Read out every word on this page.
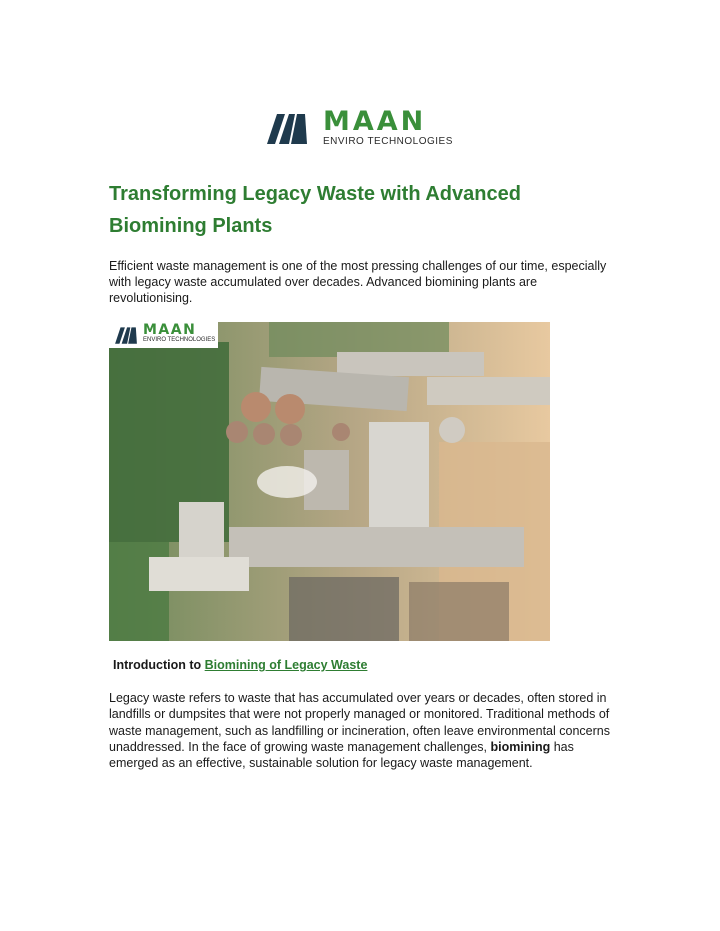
MAAN
ENVIRO TECHNOLOGIES
Transforming Legacy Waste with Advanced Biomining Plants

Efficient waste management is one of the most pressing challenges of our time, especially with legacy waste accumulated over decades. Advanced biomining plants are revolutionising.

MAAN
ENVIRO TECHNOLOGIES

Introduction to Biomining of Legacy Waste

Legacy waste refers to waste that has accumulated over years or decades, often stored in landfills or dumpsites that were not properly managed or monitored. Traditional methods of waste management, such as landfilling or incineration, often leave environmental concerns unaddressed. In the face of growing waste management challenges, biomining has emerged as an effective, sustainable solution for legacy waste management.
